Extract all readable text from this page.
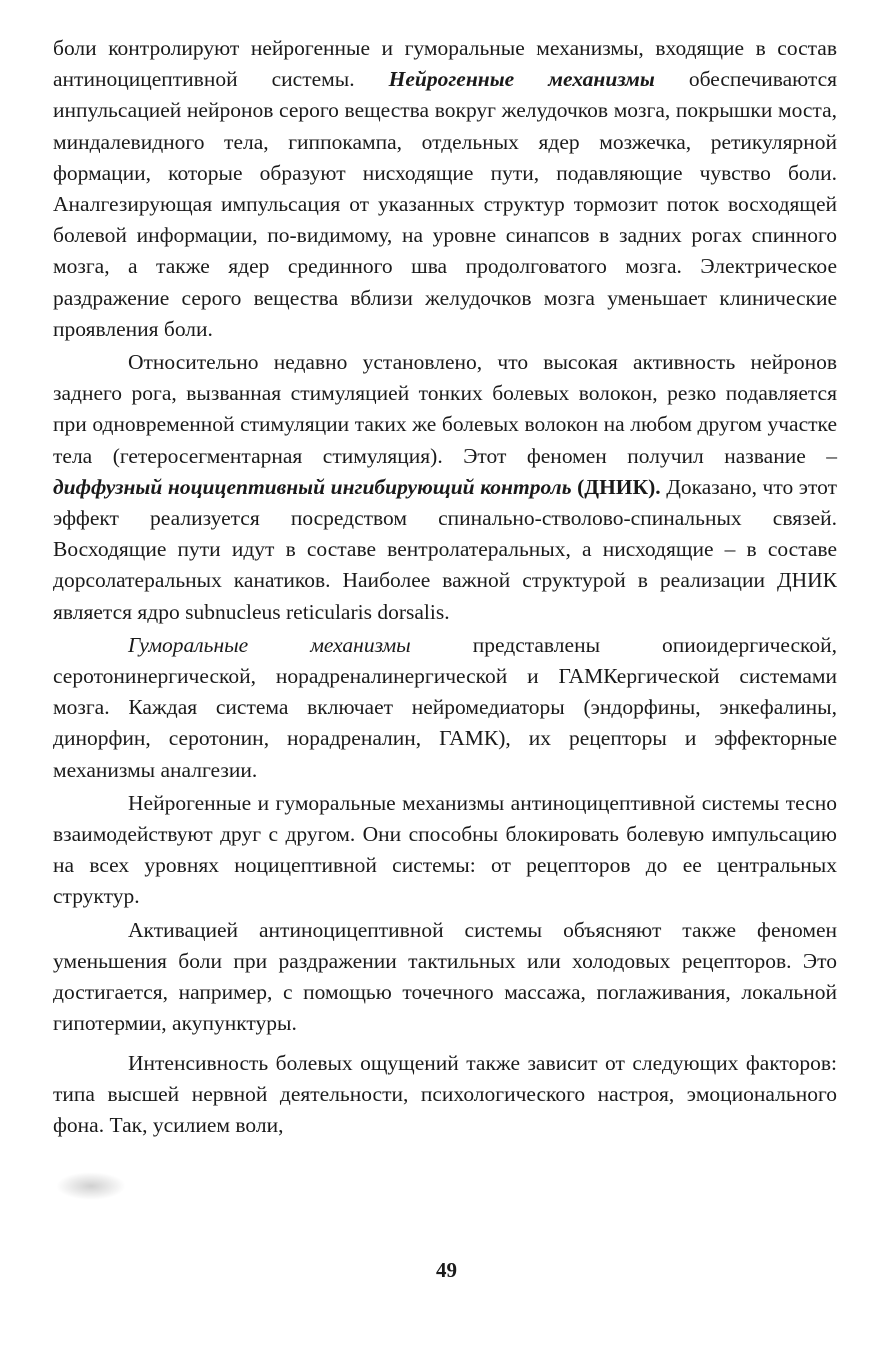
боли контролируют нейрогенные и гуморальные механизмы, входящие в состав антиноцицептивной системы. Нейрогенные механизмы обеспечиваются инпульсацией нейронов серого вещества вокруг желудочков мозга, покрышки моста, миндалевидного тела, гиппокампа, отдельных ядер мозжечка, ретикулярной формации, которые образуют нисходящие пути, подавляющие чувство боли. Аналгезирующая импульсация от указанных структур тормозит поток восходящей болевой информации, по-видимому, на уровне синапсов в задних рогах спинного мозга, а также ядер срединного шва продолговатого мозга. Электрическое раздражение серого вещества вблизи желудочков мозга уменьшает клинические проявления боли.

Относительно недавно установлено, что высокая активность нейронов заднего рога, вызванная стимуляцией тонких болевых волокон, резко подавляется при одновременной стимуляции таких же болевых волокон на любом другом участке тела (гетеросегментарная стимуляция). Этот феномен получил название – диффузный ноцицептивный ингибирующий контроль (ДНИК). Доказано, что этот эффект реализуется посредством спинально-стволово-спинальных связей. Восходящие пути идут в составе вентролатеральных, а нисходящие – в составе дорсолатеральных канатиков. Наиболее важной структурой в реализации ДНИК является ядро subnucleus reticularis dorsalis.

Гуморальные механизмы представлены опиоидергической, серотонинергической, норадреналинергической и ГАМКергической системами мозга. Каждая система включает нейромедиаторы (эндорфины, энкефалины, динорфин, серотонин, норадреналин, ГАМК), их рецепторы и эффекторные механизмы аналгезии.

Нейрогенные и гуморальные механизмы антиноцицептивной системы тесно взаимодействуют друг с другом. Они способны блокировать болевую импульсацию на всех уровнях ноцицептивной системы: от рецепторов до ее центральных структур.

Активацией антиноцицептивной системы объясняют также феномен уменьшения боли при раздражении тактильных или холодовых рецепторов. Это достигается, например, с помощью точечного массажа, поглаживания, локальной гипотермии, акупунктуры.

Интенсивность болевых ощущений также зависит от следующих факторов: типа высшей нервной деятельности, психологического настроя, эмоционального фона. Так, усилием воли,

49
